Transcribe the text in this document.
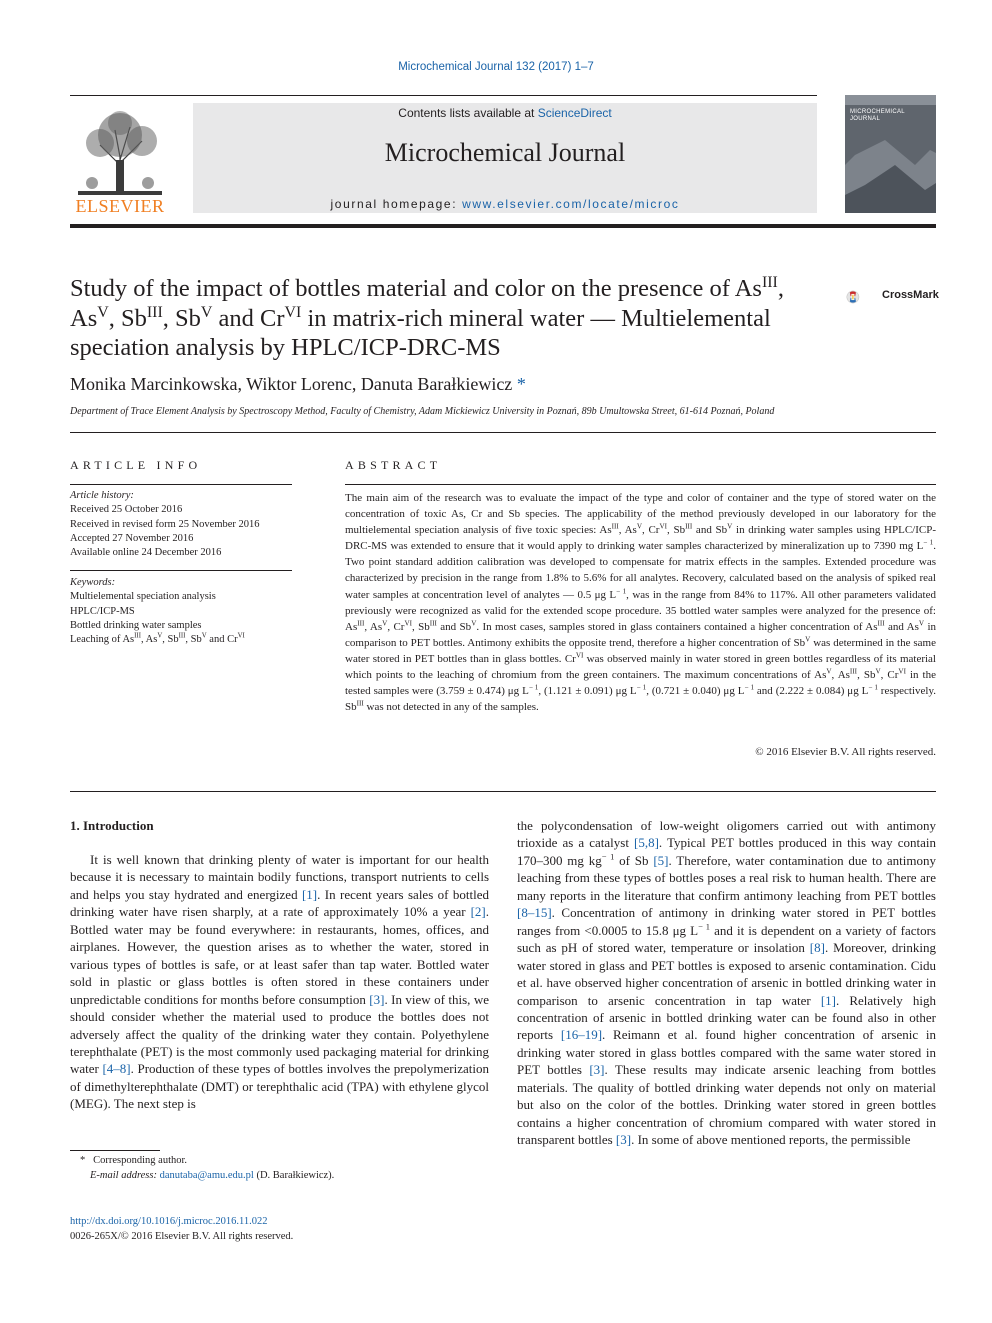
Microchemical Journal 132 (2017) 1–7
ELSEVIER
Contents lists available at ScienceDirect
Microchemical Journal
journal homepage: www.elsevier.com/locate/microc
MICROCHEMICAL JOURNAL
Study of the impact of bottles material and color on the presence of $As^{III}$,
$As^V$, $Sb^{III}$, $Sb^V$ and $Cr^{VI}$ in matrix-rich mineral water — Multielemental
speciation analysis by HPLC/ICP-DRC-MS
CrossMark
Monika Marcinkowska, Wiktor Lorenc, Danuta Barałkiewicz *
Department of Trace Element Analysis by Spectroscopy Method, Faculty of Chemistry, Adam Mickiewicz University in Poznań, 89b Umultowska Street, 61-614 Poznań, Poland
ARTICLE INFO
Article history:
Received 25 October 2016
Received in revised form 25 November 2016
Accepted 27 November 2016
Available online 24 December 2016
Keywords:
Multielemental speciation analysis
HPLC/ICP-MS
Bottled drinking water samples
Leaching of $As^{III}$, $As^V$, $Sb^{III}$, $Sb^V$ and $Cr^{VI}$
ABSTRACT
The main aim of the research was to evaluate the impact of the type and color of container and the type of stored water on the concentration of toxic As, Cr and Sb species. The applicability of the method previously developed in our laboratory for the multielemental speciation analysis of five toxic species: $As^{III}$, $As^V$, $Cr^{VI}$, $Sb^{III}$ and $Sb^V$ in drinking water samples using HPLC/ICP-DRC-MS was extended to ensure that it would apply to drinking water samples characterized by mineralization up to 7390 mg $L^{- 1}$. Two point standard addition calibration was developed to compensate for matrix effects in the samples. Extended procedure was characterized by precision in the range from 1.8% to 5.6% for all analytes. Recovery, calculated based on the analysis of spiked real water samples at concentration level of analytes — 0.5 μg $L^{- 1}$, was in the range from 84% to 117%. All other parameters validated previously were recognized as valid for the extended scope procedure. 35 bottled water samples were analyzed for the presence of: $As^{III}$, $As^V$, $Cr^{VI}$, $Sb^{III}$ and $Sb^V$. In most cases, samples stored in glass containers contained a higher concentration of $As^{III}$ and $As^V$ in comparison to PET bottles. Antimony exhibits the opposite trend, therefore a higher concentration of $Sb^V$ was determined in the same water stored in PET bottles than in glass bottles. $Cr^{VI}$ was observed mainly in water stored in green bottles regardless of its material which points to the leaching of chromium from the green containers. The maximum concentrations of $As^V$, $As^{III}$, $Sb^V$, $Cr^{VI}$ in the tested samples were (3.759 ± 0.474) μg $L^{- 1}$, (1.121 ± 0.091) μg $L^{- 1}$, (0.721 ± 0.040) μg $L^{- 1}$ and (2.222 ± 0.084) μg $L^{- 1}$ respectively. $Sb^{III}$ was not detected in any of the samples.
© 2016 Elsevier B.V. All rights reserved.
1. Introduction

It is well known that drinking plenty of water is important for our health because it is necessary to maintain bodily functions, transport nutrients to cells and helps you stay hydrated and energized [1]. In recent years sales of bottled drinking water have risen sharply, at a rate of approximately 10% a year [2]. Bottled water may be found everywhere: in restaurants, homes, offices, and airplanes. However, the question arises as to whether the water, stored in various types of bottles is safe, or at least safer than tap water. Bottled water sold in plastic or glass bottles is often stored in these containers under unpredictable conditions for months before consumption [3]. In view of this, we should consider whether the material used to produce the bottles does not adversely affect the quality of the drinking water they contain. Polyethylene terephthalate (PET) is the most commonly used packaging material for drinking water [4–8]. Production of these types of bottles involves the prepolymerization of dimethylterephthalate (DMT) or terephthalic acid (TPA) with ethylene glycol (MEG). The next step is

the polycondensation of low-weight oligomers carried out with antimony trioxide as a catalyst [5,8]. Typical PET bottles produced in this way contain 170–300 mg $kg^{- 1}$ of Sb [5]. Therefore, water contamination due to antimony leaching from these types of bottles poses a real risk to human health. There are many reports in the literature that confirm antimony leaching from PET bottles [8–15]. Concentration of antimony in drinking water stored in PET bottles ranges from <0.0005 to 15.8 μg $L^{- 1}$ and it is dependent on a variety of factors such as pH of stored water, temperature or insolation [8]. Moreover, drinking water stored in glass and PET bottles is exposed to arsenic contamination. Cidu et al. have observed higher concentration of arsenic in bottled drinking water in comparison to arsenic concentration in tap water [1]. Relatively high concentration of arsenic in bottled drinking water can be found also in other reports [16–19]. Reimann et al. found higher concentration of arsenic in drinking water stored in glass bottles compared with the same water stored in PET bottles [3]. These results may indicate arsenic leaching from bottles materials. The quality of bottled drinking water depends not only on material but also on the color of the bottles. Drinking water stored in green bottles contains a higher concentration of chromium compared with water stored in transparent bottles [3]. In some of above mentioned reports, the permissible

* Corresponding author.
E-mail address: danutaba@amu.edu.pl (D. Barałkiewicz).
http://dx.doi.org/10.1016/j.microc.2016.11.022
0026-265X/© 2016 Elsevier B.V. All rights reserved.
